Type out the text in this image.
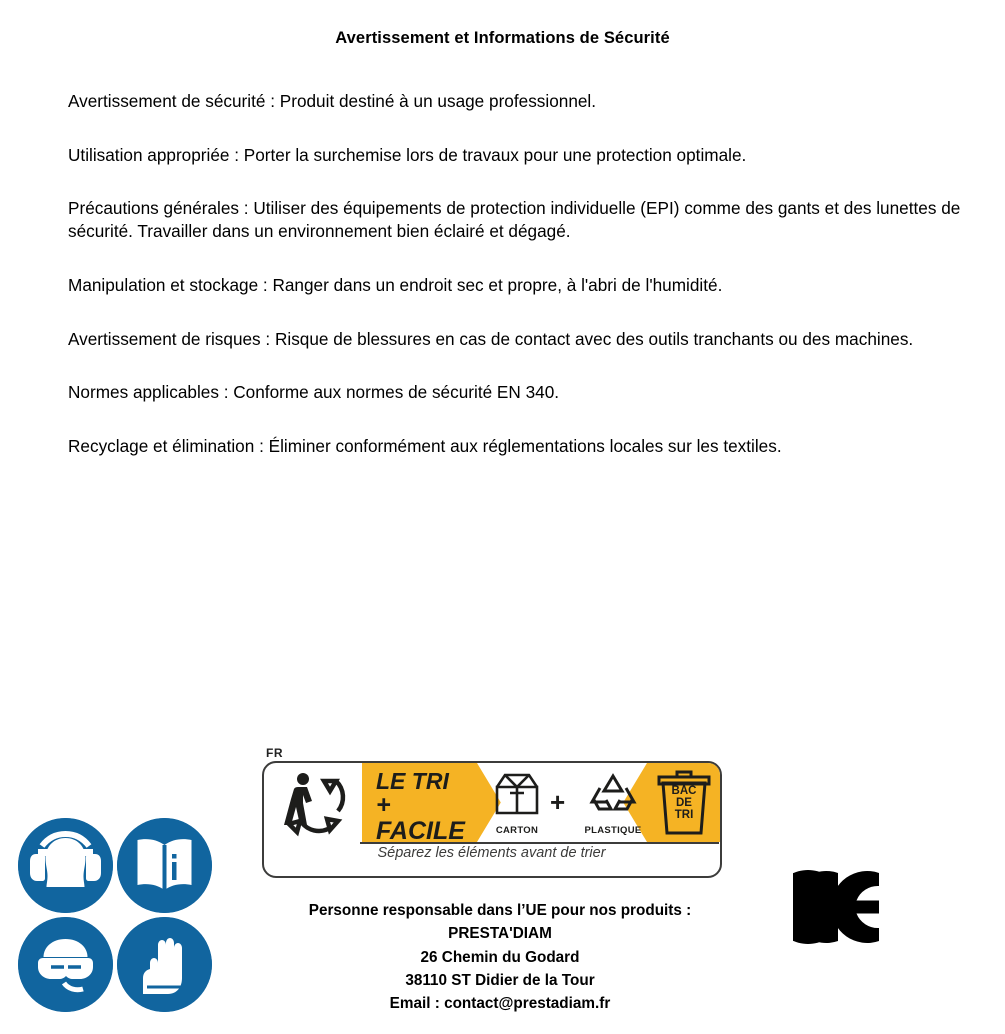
Avertissement et Informations de Sécurité

Avertissement de sécurité : Produit destiné à un usage professionnel.

Utilisation appropriée : Porter la surchemise lors de travaux pour une protection optimale.

Précautions générales : Utiliser des équipements de protection individuelle (EPI) comme des gants et des lunettes de sécurité. Travailler dans un environnement bien éclairé et dégagé.

Manipulation et stockage : Ranger dans un endroit sec et propre, à l'abri de l'humidité.

Avertissement de risques : Risque de blessures en cas de contact avec des outils tranchants ou des machines.

Normes applicables : Conforme aux normes de sécurité EN 340.

Recyclage et élimination : Éliminer conformément aux réglementations locales sur les textiles.

FR
LE TRI
+ FACILE	CARTON
+
PLASTIQUE
BAC
DE
TRI
Séparez les éléments avant de trier
Personne responsable dans l’UE pour nos produits :
PRESTA'DIAM
26 Chemin du Godard
38110 ST Didier de la Tour
Email : contact@prestadiam.fr
